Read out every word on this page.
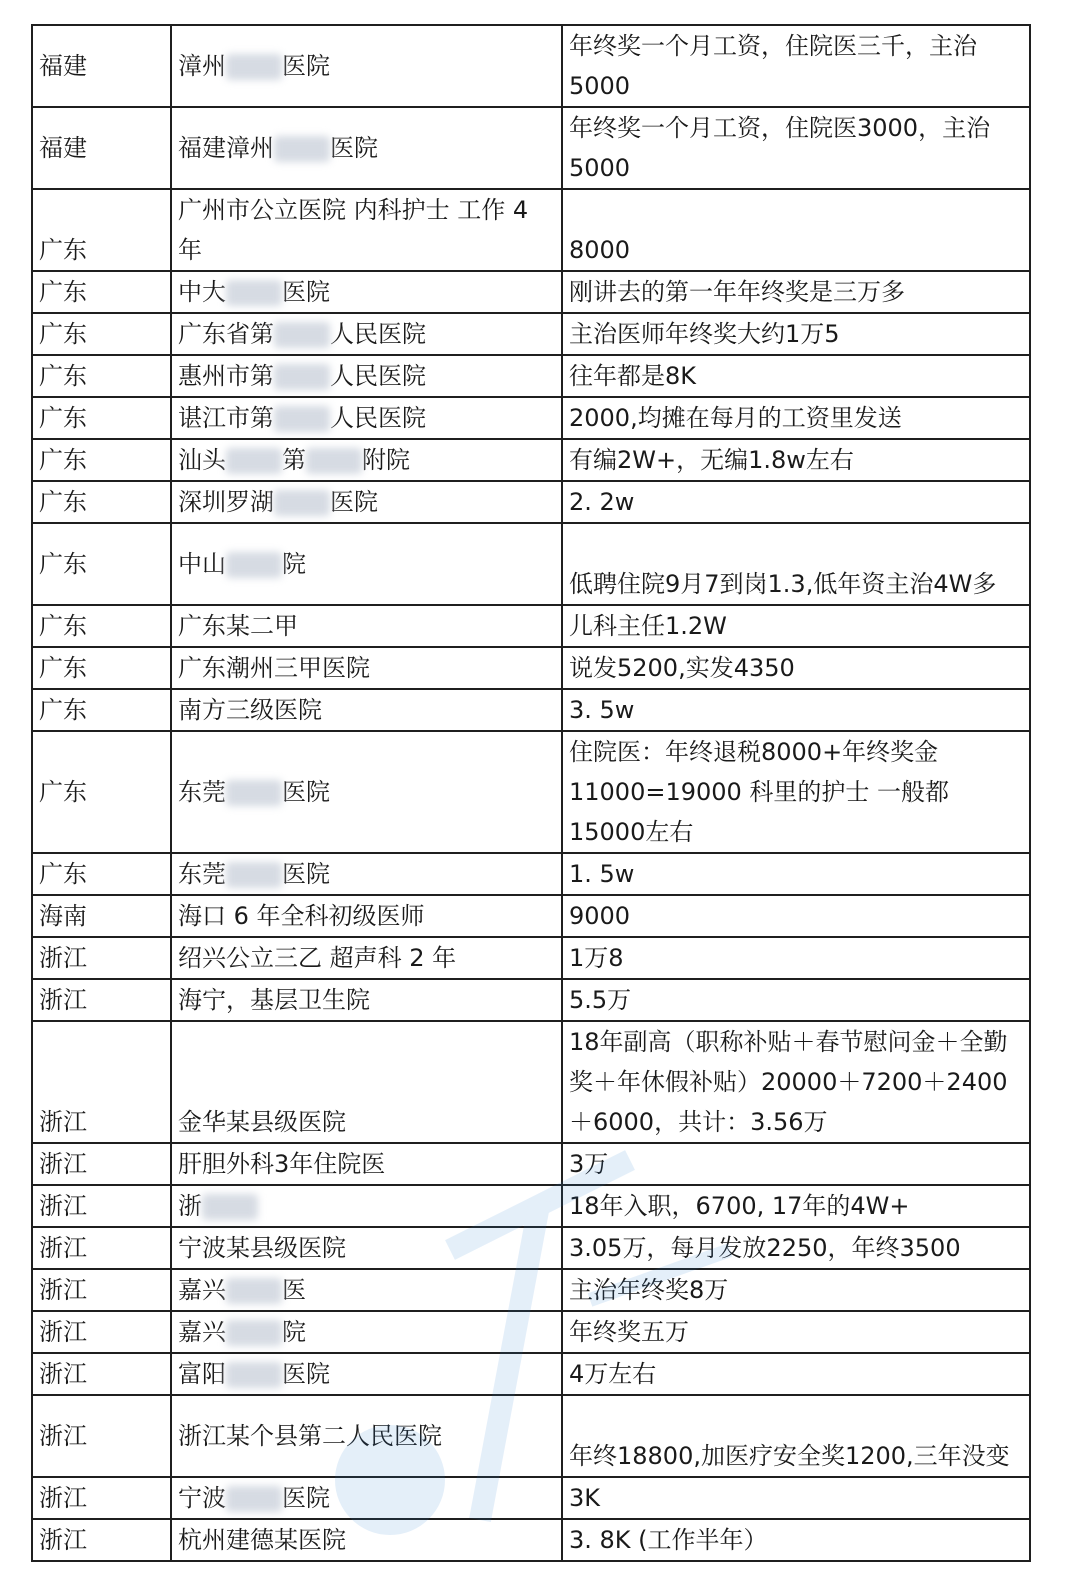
福建	漳州 医院	年终奖一个月工资，住院医三千，主治5000
福建	福建漳州 医院	年终奖一个月工资，住院医3000，主治5000
广东	广州市公立医院 内科护士 工作 4 年	8000
广东	中大 医院	刚讲去的第一年年终奖是三万多
广东	广东省第 人民医院	主治医师年终奖大约1万5
广东	惠州市第 人民医院	往年都是8K
广东	谌江市第 人民医院	2000,均摊在每月的工资里发送
广东	汕头 第 附院	有编2W+，无编1.8w左右
广东	深圳罗湖 医院	2. 2w
广东	中山 院	低聘住院9月7到岗1.3,低年资主治4W多
广东	广东某二甲	儿科主任1.2W
广东	广东潮州三甲医院	说发5200,实发4350
广东	南方三级医院	3. 5w
广东	东莞 医院	住院医：年终退税8000+年终奖金11000=19000 科里的护士 一般都15000左右
广东	东莞 医院	1. 5w
海南	海口 6 年全科初级医师	9000
浙江	绍兴公立三乙 超声科 2 年	1万8
浙江	海宁，基层卫生院	5.5万
浙江	金华某县级医院	18年副高（职称补贴＋春节慰问金＋全勤奖＋年休假补贴）20000＋7200＋2400＋6000，共计：3.56万
浙江	肝胆外科3年住院医	3万
浙江	浙	18年入职，6700, 17年的4W+
浙江	宁波某县级医院	3.05万，每月发放2250，年终3500
浙江	嘉兴 医	主治年终奖8万
浙江	嘉兴 院	年终奖五万
浙江	富阳 医院	4万左右
浙江	浙江某个县第二人民医院	年终18800,加医疗安全奖1200,三年没变
浙江	宁波 医院	3K
浙江	杭州建德某医院	3. 8K (工作半年）
